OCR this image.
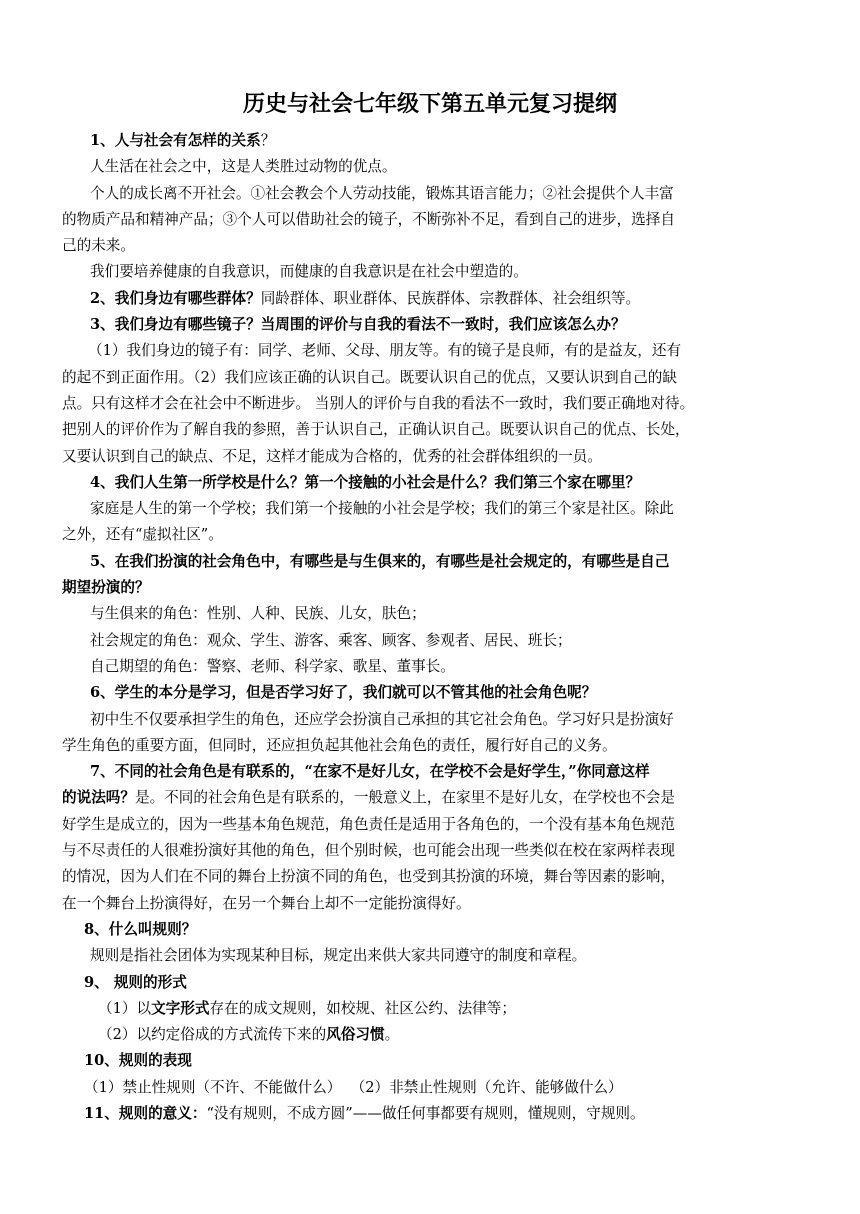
历史与社会七年级下第五单元复习提纲
1、人与社会有怎样的关系？
人生活在社会之中，这是人类胜过动物的优点。
个人的成长离不开社会。①社会教会个人劳动技能，锻炼其语言能力；②社会提供个人丰富
的物质产品和精神产品；③个人可以借助社会的镜子，不断弥补不足，看到自己的进步，选择自
己的未来。
我们要培养健康的自我意识，而健康的自我意识是在社会中塑造的。
2、我们身边有哪些群体？同龄群体、职业群体、民族群体、宗教群体、社会组织等。
3、我们身边有哪些镜子？当周围的评价与自我的看法不一致时，我们应该怎么办？
（1）我们身边的镜子有：同学、老师、父母、朋友等。有的镜子是良师，有的是益友，还有
的起不到正面作用。（2）我们应该正确的认识自己。既要认识自己的优点，又要认识到自己的缺
点。只有这样才会在社会中不断进步。 当别人的评价与自我的看法不一致时，我们要正确地对待。
把别人的评价作为了解自我的参照，善于认识自己，正确认识自己。既要认识自己的优点、长处，
又要认识到自己的缺点、不足，这样才能成为合格的，优秀的社会群体组织的一员。
4、我们人生第一所学校是什么？第一个接触的小社会是什么？我们第三个家在哪里？
家庭是人生的第一个学校；我们第一个接触的小社会是学校；我们的第三个家是社区。除此
之外，还有“虚拟社区”。
5、在我们扮演的社会角色中，有哪些是与生俱来的，有哪些是社会规定的，有哪些是自己
期望扮演的？
与生俱来的角色：性别、人种、民族、儿女，肤色；
社会规定的角色：观众、学生、游客、乘客、顾客、参观者、居民、班长；
自己期望的角色：警察、老师、科学家、歌星、董事长。
6、学生的本分是学习，但是否学习好了，我们就可以不管其他的社会角色呢？
初中生不仅要承担学生的角色，还应学会扮演自己承担的其它社会角色。学习好只是扮演好
学生角色的重要方面，但同时，还应担负起其他社会角色的责任，履行好自己的义务。
7、不同的社会角色是有联系的，“在家不是好儿女，在学校不会是好学生，”你同意这样
的说法吗？是。不同的社会角色是有联系的，一般意义上，在家里不是好儿女，在学校也不会是
好学生是成立的，因为一些基本角色规范，角色责任是适用于各角色的，一个没有基本角色规范
与不尽责任的人很难扮演好其他的角色，但个别时候，也可能会出现一些类似在校在家两样表现
的情况，因为人们在不同的舞台上扮演不同的角色，也受到其扮演的环境，舞台等因素的影响，
在一个舞台上扮演得好，在另一个舞台上却不一定能扮演得好。
8、什么叫规则？
规则是指社会团体为实现某种目标，规定出来供大家共同遵守的制度和章程。
9、 规则的形式
（1）以文字形式存在的成文规则，如校规、社区公约、法律等；
（2）以约定俗成的方式流传下来的风俗习惯。
10、规则的表现
（1）禁止性规则（不许、不能做什么）  （2）非禁止性规则（允许、能够做什么）
11、规则的意义：“没有规则，不成方圆”——做任何事都要有规则，懂规则，守规则。
